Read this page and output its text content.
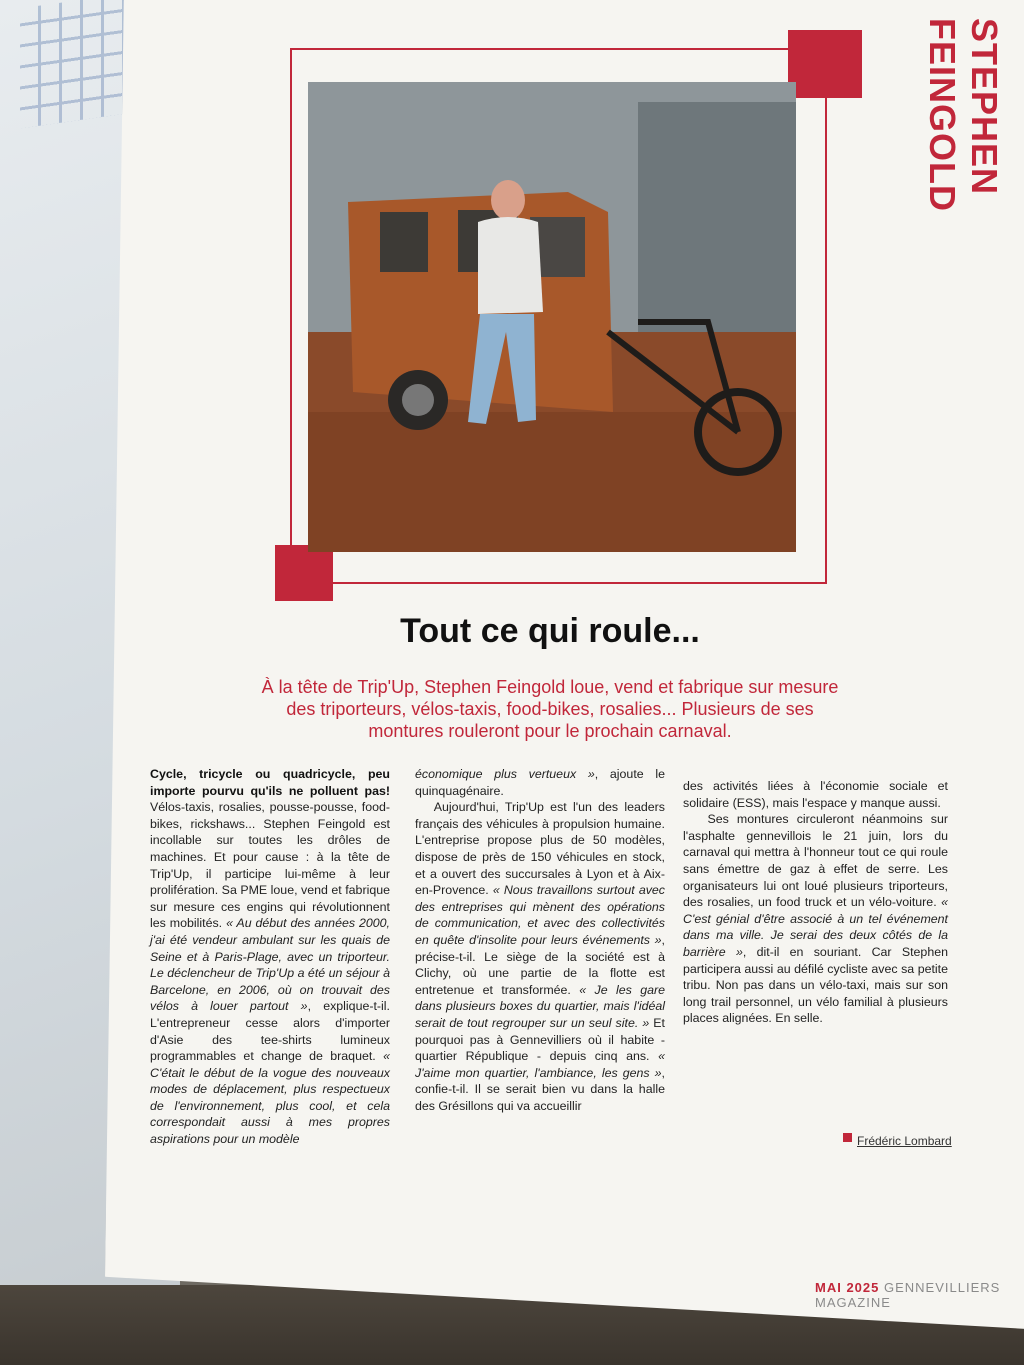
STEPHEN FEINGOLD
Tout ce qui roule...

À la tête de Trip'Up, Stephen Feingold loue, vend et fabrique sur mesure des triporteurs, vélos-taxis, food-bikes, rosalies... Plusieurs de ses montures rouleront pour le prochain carnaval.

Cycle, tricycle ou quadricycle, peu importe pourvu qu'ils ne polluent pas! Vélos-taxis, rosalies, pousse-pousse, food-bikes, rickshaws... Stephen Feingold est incollable sur toutes les drôles de machines. Et pour cause : à la tête de Trip'Up, il participe lui-même à leur prolifération. Sa PME loue, vend et fabrique sur mesure ces engins qui révolutionnent les mobilités. « Au début des années 2000, j'ai été vendeur ambulant sur les quais de Seine et à Paris-Plage, avec un triporteur. Le déclencheur de Trip'Up a été un séjour à Barcelone, en 2006, où on trouvait des vélos à louer partout », explique-t-il. L'entrepreneur cesse alors d'importer d'Asie des tee-shirts lumineux programmables et change de braquet. « C'était le début de la vogue des nouveaux modes de déplacement, plus respectueux de l'environnement, plus cool, et cela correspondait aussi à mes propres aspirations pour un modèle

économique plus vertueux », ajoute le quinquagénaire.
Aujourd'hui, Trip'Up est l'un des leaders français des véhicules à propulsion humaine. L'entreprise propose plus de 50 modèles, dispose de près de 150 véhicules en stock, et a ouvert des succursales à Lyon et à Aix-en-Provence. « Nous travaillons surtout avec des entreprises qui mènent des opérations de communication, et avec des collectivités en quête d'insolite pour leurs événements », précise-t-il. Le siège de la société est à Clichy, où une partie de la flotte est entretenue et transformée. « Je les gare dans plusieurs boxes du quartier, mais l'idéal serait de tout regrouper sur un seul site. » Et pourquoi pas à Gennevilliers où il habite - quartier République - depuis cinq ans. « J'aime mon quartier, l'ambiance, les gens », confie-t-il. Il se serait bien vu dans la halle des Grésillons qui va accueillir

des activités liées à l'économie sociale et solidaire (ESS), mais l'espace y manque aussi.
Ses montures circuleront néanmoins sur l'asphalte gennevillois le 21 juin, lors du carnaval qui mettra à l'honneur tout ce qui roule sans émettre de gaz à effet de serre. Les organisateurs lui ont loué plusieurs triporteurs, des rosalies, un food truck et un vélo-voiture. « C'est génial d'être associé à un tel événement dans ma ville. Je serai des deux côtés de la barrière », dit-il en souriant. Car Stephen participera aussi au défilé cycliste avec sa petite tribu. Non pas dans un vélo-taxi, mais sur son long trail personnel, un vélo familial à plusieurs places alignées. En selle.

Frédéric Lombard
MAI 2025 GENNEVILLIERS MAGAZINE
